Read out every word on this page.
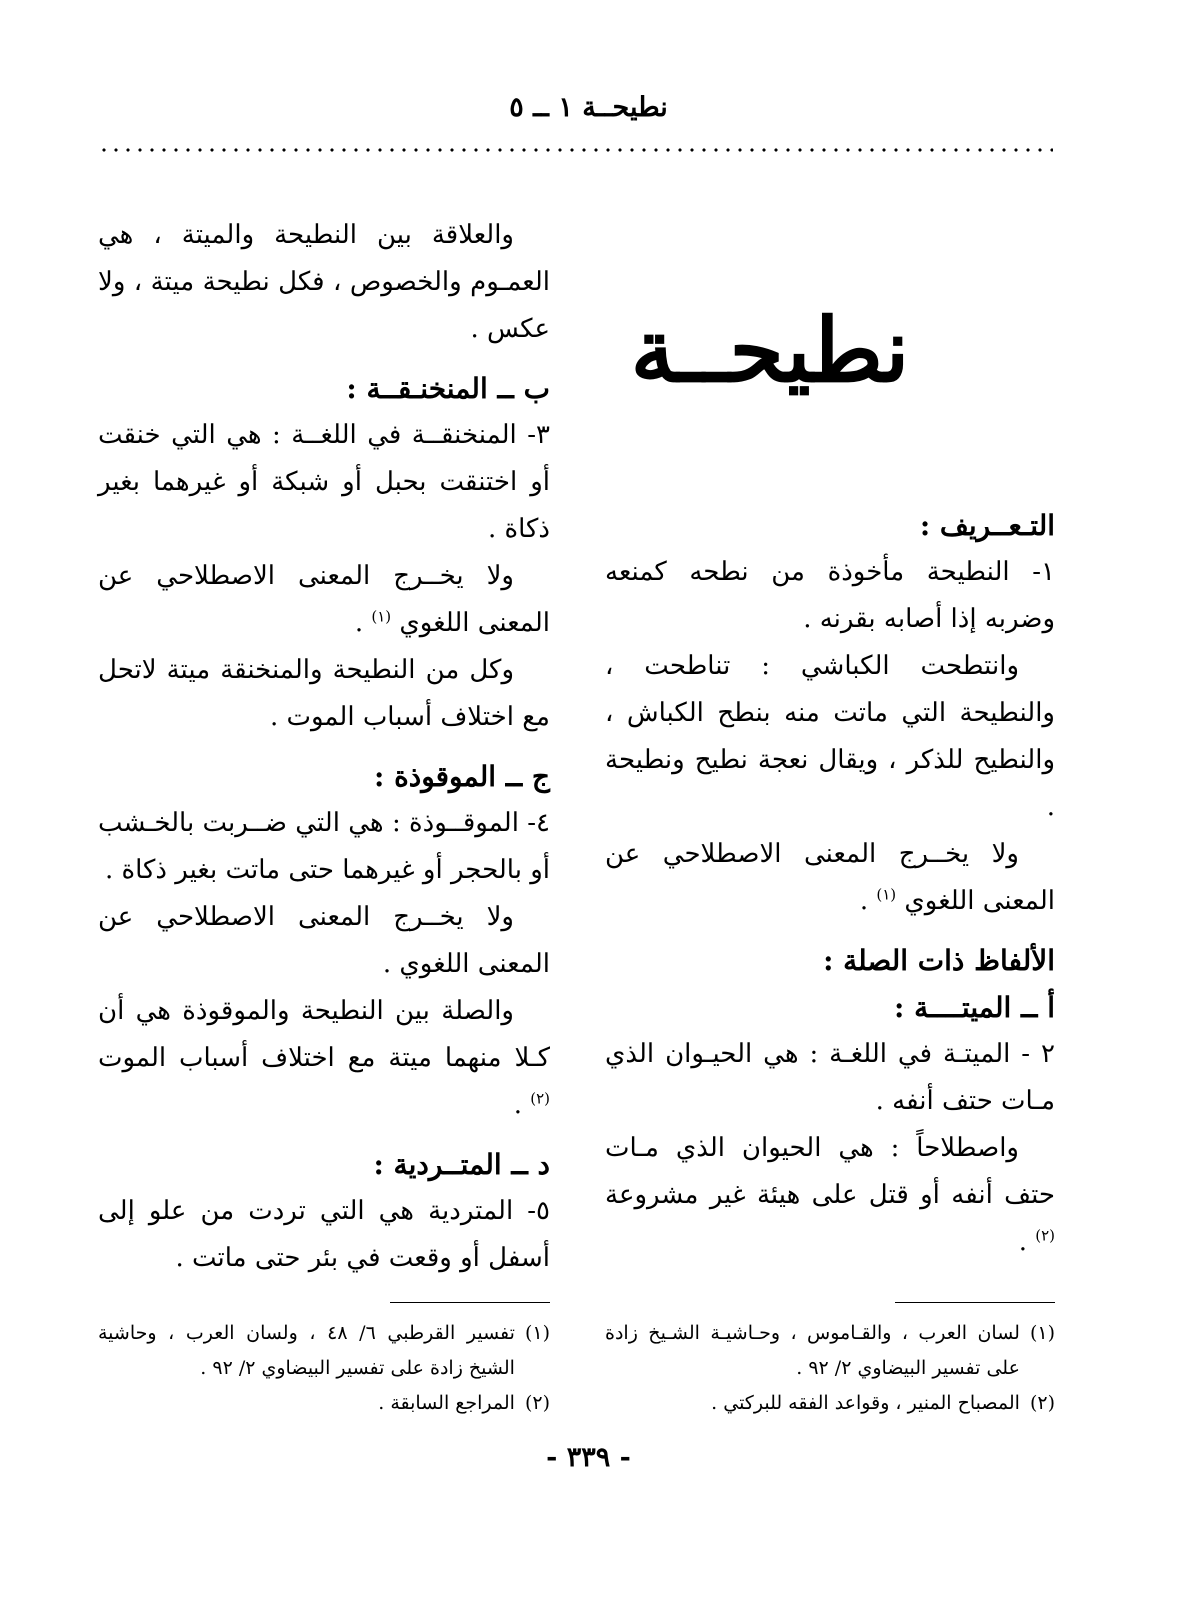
نطيحــة ١ ــ ٥
نطيحــة

التـعــريف :

١- النطيحة مأخوذة من نطحه كمنعه وضربه إذا أصابه بقرنه .

وانتطحت الكباشي : تناطحت ، والنطيحة التي ماتت منه بنطح الكباش ، والنطيح للذكر ، ويقال نعجة نطيح ونطيحة .

ولا يخــرج المعنى الاصطلاحي عن المعنى اللغوي $^{(١)}$ .

الألفاظ ذات الصلة :

أ ــ الميتــــة :

٢ - الميتـة في اللغـة : هي الحيـوان الذي مـات حتف أنفه .

واصطلاحاً : هي الحيوان الذي مـات حتف أنفه أو قتل على هيئة غير مشروعة $^{(٢)}$ .

والعلاقة بين النطيحة والميتة ، هي العمـوم والخصوص ، فكل نطيحة ميتة ، ولا عكس .

ب ــ المنخنـقــة :

٣- المنخنقــة في اللغــة : هي التي خنقت أو اختنقت بحبل أو شبكة أو غيرهما بغير ذكاة .

ولا يخــرج المعنى الاصطلاحي عن المعنى اللغوي $^{(١)}$ .

وكل من النطيحة والمنخنقة ميتة لاتحل مع اختلاف أسباب الموت .

ج ــ الموقوذة :

٤- الموقــوذة : هي التي ضــربت بالخـشب أو بالحجر أو غيرهما حتى ماتت بغير ذكاة .

ولا يخــرج المعنى الاصطلاحي عن المعنى اللغوي .

والصلة بين النطيحة والموقوذة هي أن كـلا منهما ميتة مع اختلاف أسباب الموت $^{(٢)}$ .

د ــ المتــردية :

٥- المتردية هي التي تردت من علو إلى أسفل أو وقعت في بئر حتى ماتت .

(١)
لسان العرب ، والقـاموس ، وحـاشيـة الشـيخ زادة على تفسير البيضاوي ٢/ ٩٢ .
(٢)
المصباح المنير ، وقواعد الفقه للبركتي .
(١)
تفسير القرطبي ٦/ ٤٨ ، ولسان العرب ، وحاشية الشيخ زادة على تفسير البيضاوي ٢/ ٩٢ .
(٢)
المراجع السابقة .
- ٣٣٩ -
